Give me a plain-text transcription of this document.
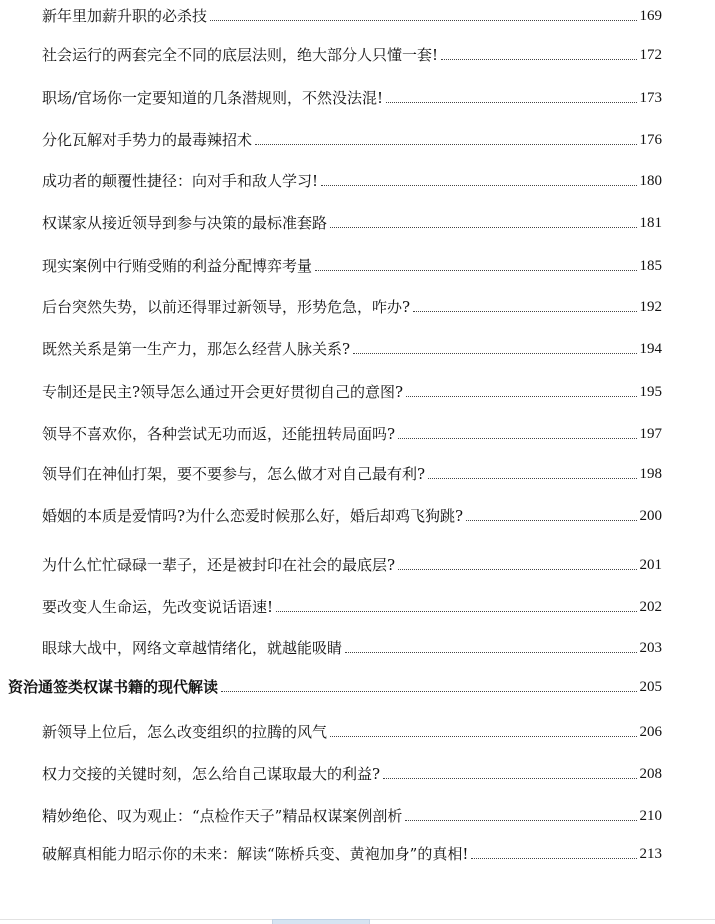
新年里加薪升职的必杀技	169
社会运行的两套完全不同的底层法则，绝大部分人只懂一套!	172
职场/官场你一定要知道的几条潜规则，不然没法混!	173
分化瓦解对手势力的最毒辣招术	176
成功者的颠覆性捷径：向对手和敌人学习!	180
权谋家从接近领导到参与决策的最标准套路	181
现实案例中行贿受贿的利益分配博弈考量	185
后台突然失势，以前还得罪过新领导，形势危急，咋办?	192
既然关系是第一生产力，那怎么经营人脉关系?	194
专制还是民主?领导怎么通过开会更好贯彻自己的意图?	195
领导不喜欢你，各种尝试无功而返，还能扭转局面吗?	197
领导们在神仙打架，要不要参与，怎么做才对自己最有利?	198
婚姻的本质是爱情吗?为什么恋爱时候那么好，婚后却鸡飞狗跳?	200
为什么忙忙碌碌一辈子，还是被封印在社会的最底层?	201
要改变人生命运，先改变说话语速!	202
眼球大战中，网络文章越情绪化，就越能吸睛	203
资治通签类权谋书籍的现代解读	205
新领导上位后，怎么改变组织的拉腾的风气	206
权力交接的关键时刻，怎么给自己谋取最大的利益?	208
精妙绝伦、叹为观止：“点检作天子”精品权谋案例剖析	210
破解真相能力昭示你的未来：解读“陈桥兵变、黄袍加身”的真相!	213
